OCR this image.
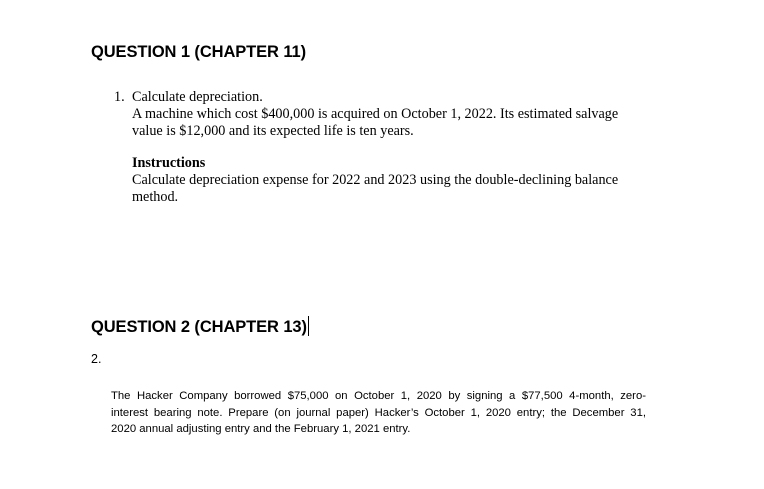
QUESTION 1 (CHAPTER 11)
1. Calculate depreciation.
A machine which cost $400,000 is acquired on October 1, 2022. Its estimated salvage
value is $12,000 and its expected life is ten years.
Instructions
Calculate depreciation expense for 2022 and 2023 using the double-declining balance
method.
QUESTION 2 (CHAPTER 13)
2.
The Hacker Company borrowed $75,000 on October 1, 2020 by signing a $77,500 4-month, zero-
interest bearing note. Prepare (on journal paper) Hacker’s October 1, 2020 entry; the December 31,
2020 annual adjusting entry and the February 1, 2021 entry.
